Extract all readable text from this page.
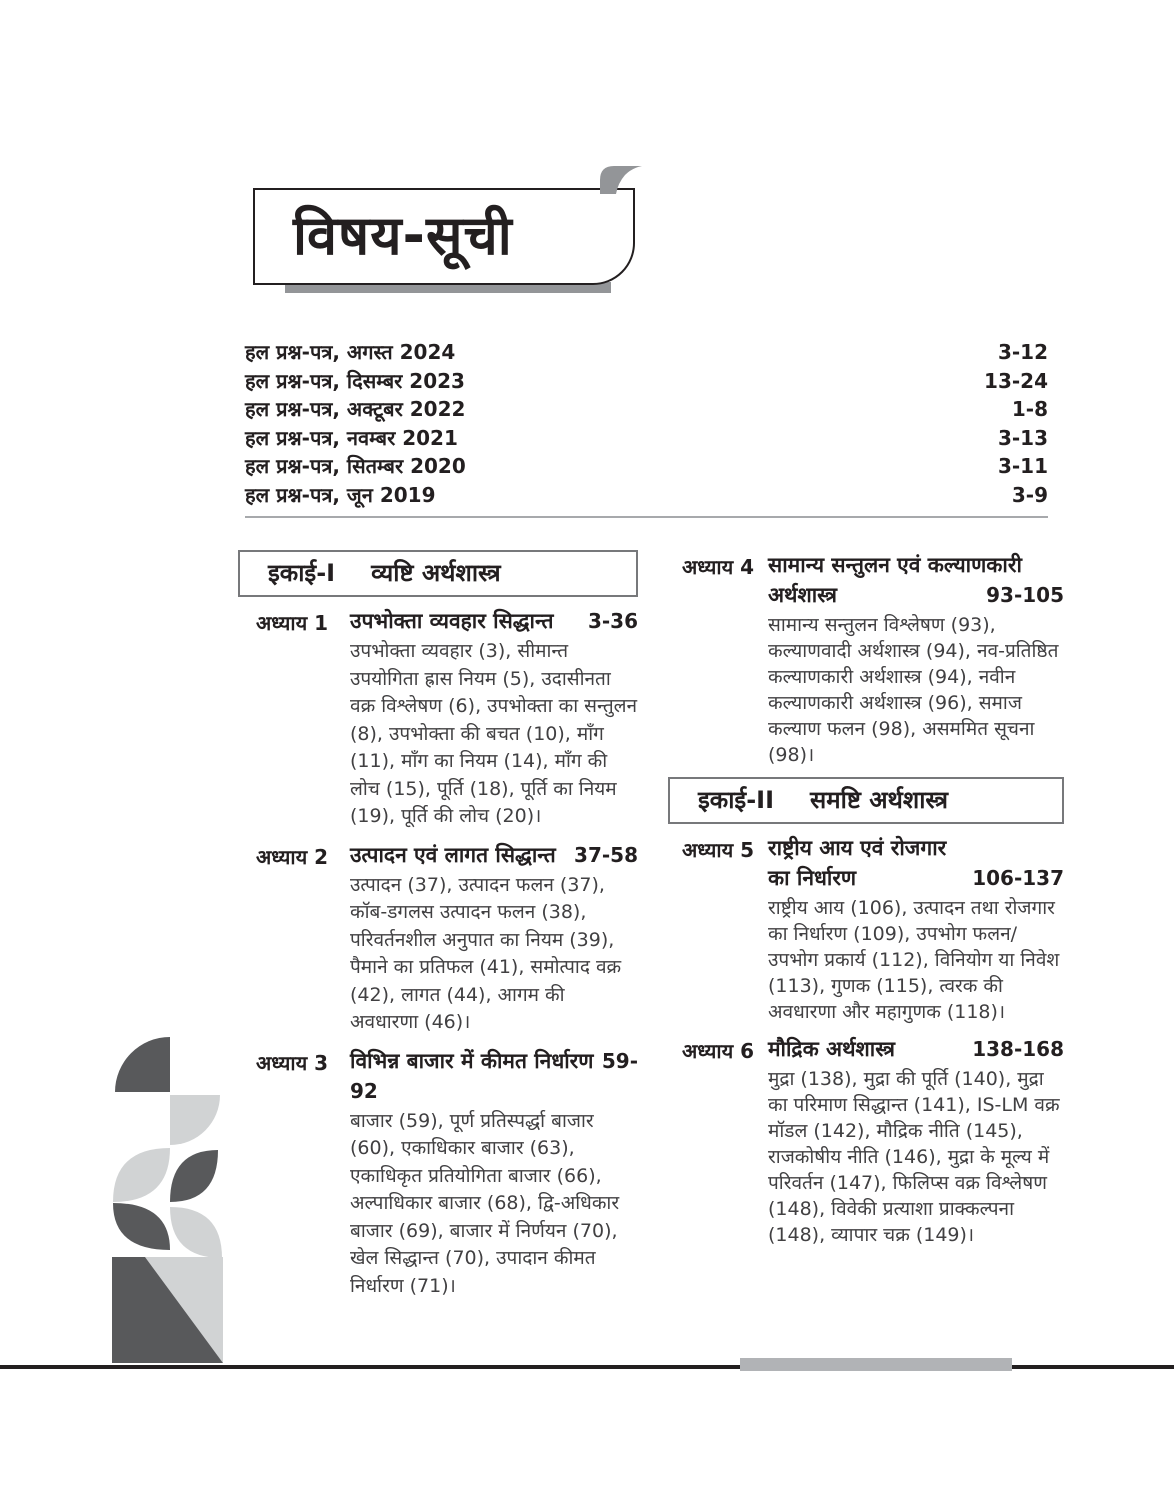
विषय-सूची
हल प्रश्न-पत्र, अगस्त 2024	3-12
हल प्रश्न-पत्र, दिसम्बर 2023	13-24
हल प्रश्न-पत्र, अक्टूबर 2022	1-8
हल प्रश्न-पत्र, नवम्बर 2021	3-13
हल प्रश्न-पत्र, सितम्बर 2020	3-11
हल प्रश्न-पत्र, जून 2019	3-9
इकाई-I व्यष्टि अर्थशास्त्र
अध्याय 1	उपभोक्ता व्यवहार सिद्धान्त	3-36
उपभोक्ता व्यवहार (3), सीमान्त उपयोगिता ह्रास नियम (5), उदासीनता वक्र विश्लेषण (6), उपभोक्ता का सन्तुलन (8), उपभोक्ता की बचत (10), माँग (11), माँग का नियम (14), माँग की लोच (15), पूर्ति (18), पूर्ति का नियम (19), पूर्ति की लोच (20)।
अध्याय 2	उत्पादन एवं लागत सिद्धान्त 37-58
उत्पादन (37), उत्पादन फलन (37), कॉब-डगलस उत्पादन फलन (38), परिवर्तनशील अनुपात का नियम (39), पैमाने का प्रतिफल (41), समोत्पाद वक्र (42), लागत (44), आगम की अवधारणा (46)।
अध्याय 3	विभिन्न बाजार में कीमत निर्धारण 59-
92
बाजार (59), पूर्ण प्रतिस्पर्द्धा बाजार (60), एकाधिकार बाजार (63), एकाधिकृत प्रतियोगिता बाजार (66), अल्पाधिकार बाजार (68), द्वि-अधिकार बाजार (69), बाजार में निर्णयन (70), खेल सिद्धान्त (70), उपादान कीमत निर्धारण (71)।
अध्याय 4 सामान्य सन्तुलन एवं कल्याणकारी
अर्थशास्त्र	93-105
सामान्य सन्तुलन विश्लेषण (93), कल्याणवादी अर्थशास्त्र (94), नव-प्रतिष्ठित कल्याणकारी अर्थशास्त्र (94), नवीन कल्याणकारी अर्थशास्त्र (96), समाज कल्याण फलन (98), असममित सूचना (98)।
इकाई-II समष्टि अर्थशास्त्र
अध्याय 5 राष्ट्रीय आय एवं रोजगार
का निर्धारण	106-137
राष्ट्रीय आय (106), उत्पादन तथा रोजगार का निर्धारण (109), उपभोग फलन/उपभोग प्रकार्य (112), विनियोग या निवेश (113), गुणक (115), त्वरक की अवधारणा और महागुणक (118)।
अध्याय 6 मौद्रिक अर्थशास्त्र	138-168
मुद्रा (138), मुद्रा की पूर्ति (140), मुद्रा का परिमाण सिद्धान्त (141), IS-LM वक्र मॉडल (142), मौद्रिक नीति (145), राजकोषीय नीति (146), मुद्रा के मूल्य में परिवर्तन (147), फिलिप्स वक्र विश्लेषण (148), विवेकी प्रत्याशा प्राक्कल्पना (148), व्यापार चक्र (149)।
